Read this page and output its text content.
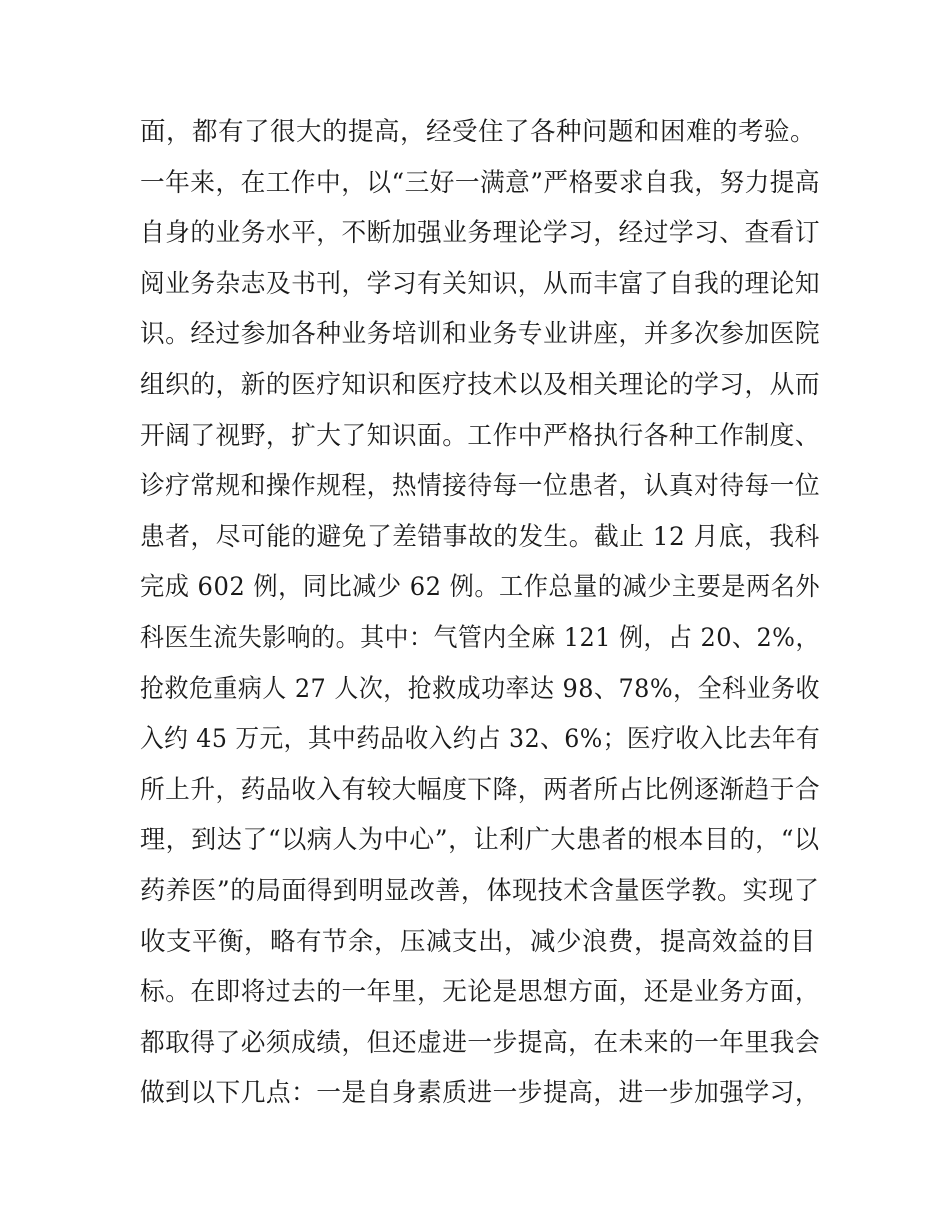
面，都有了很大的提高，经受住了各种问题和困难的考验。
一年来，在工作中，以“三好一满意”严格要求自我，努力提高
自身的业务水平，不断加强业务理论学习，经过学习、查看订
阅业务杂志及书刊，学习有关知识，从而丰富了自我的理论知
识。经过参加各种业务培训和业务专业讲座，并多次参加医院
组织的，新的医疗知识和医疗技术以及相关理论的学习，从而
开阔了视野，扩大了知识面。工作中严格执行各种工作制度、
诊疗常规和操作规程，热情接待每一位患者，认真对待每一位
患者，尽可能的避免了差错事故的发生。截止 12 月底，我科
完成 602 例，同比减少 62 例。工作总量的减少主要是两名外
科医生流失影响的。其中：气管内全麻 121 例，占 20、2%，
抢救危重病人 27 人次，抢救成功率达 98、78%，全科业务收
入约 45 万元，其中药品收入约占 32、6%；医疗收入比去年有
所上升，药品收入有较大幅度下降，两者所占比例逐渐趋于合
理，到达了“以病人为中心”，让利广大患者的根本目的，“以
药养医”的局面得到明显改善，体现技术含量医学教。实现了
收支平衡，略有节余，压减支出，减少浪费，提高效益的目
标。在即将过去的一年里，无论是思想方面，还是业务方面，
都取得了必须成绩，但还虚进一步提高，在未来的一年里我会
做到以下几点：一是自身素质进一步提高，进一步加强学习，
